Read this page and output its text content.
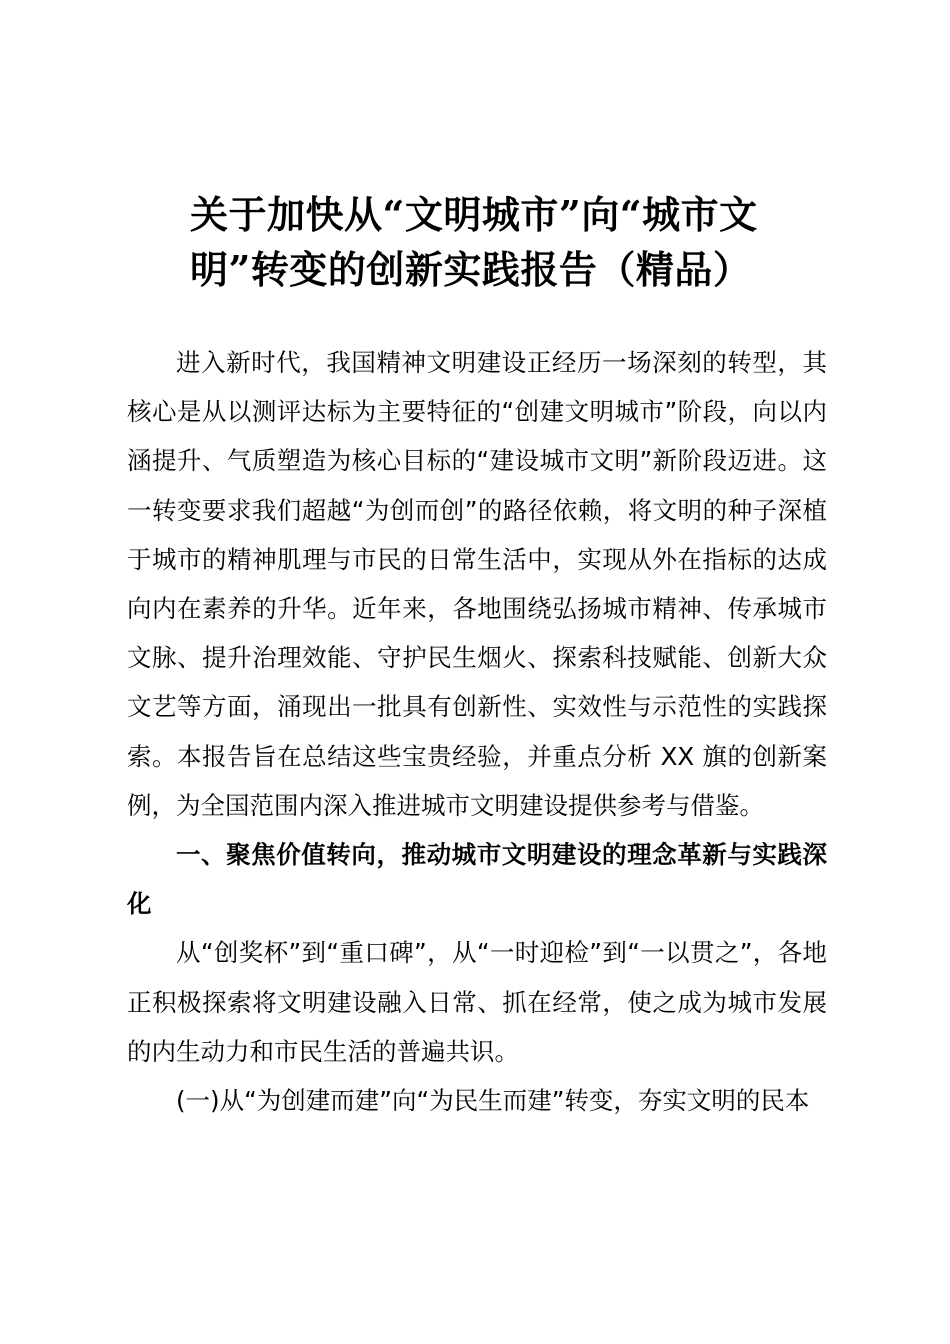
关于加快从“文明城市”向“城市文
明”转变的创新实践报告（精品）

进入新时代，我国精神文明建设正经历一场深刻的转型，其核心是从以测评达标为主要特征的“创建文明城市”阶段，向以内涵提升、气质塑造为核心目标的“建设城市文明”新阶段迈进。这一转变要求我们超越“为创而创”的路径依赖，将文明的种子深植于城市的精神肌理与市民的日常生活中，实现从外在指标的达成向内在素养的升华。近年来，各地围绕弘扬城市精神、传承城市文脉、提升治理效能、守护民生烟火、探索科技赋能、创新大众文艺等方面，涌现出一批具有创新性、实效性与示范性的实践探索。本报告旨在总结这些宝贵经验，并重点分析 XX 旗的创新案例，为全国范围内深入推进城市文明建设提供参考与借鉴。

一、聚焦价值转向，推动城市文明建设的理念革新与实践深化

从“创奖杯”到“重口碑”，从“一时迎检”到“一以贯之”，各地正积极探索将文明建设融入日常、抓在经常，使之成为城市发展的内生动力和市民生活的普遍共识。

(一)从“为创建而建”向“为民生而建”转变，夯实文明的民本
